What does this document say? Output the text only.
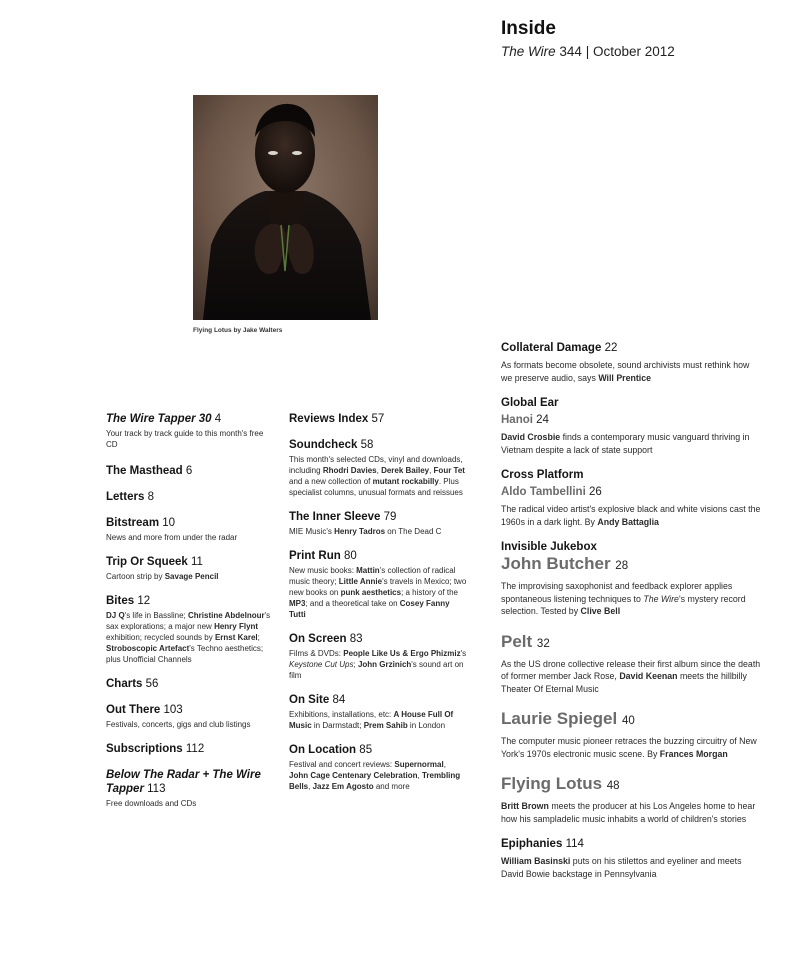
Inside
The Wire 344 | October 2012
Flying Lotus by Jake Walters
The Wire Tapper 30 4
Your track by track guide to this month's free CD
The Masthead 6
Letters 8
Bitstream 10
News and more from under the radar
Trip Or Squeek 11
Cartoon strip by Savage Pencil
Bites 12
DJ Q's life in Bassline; Christine Abdelnour's sax explorations; a major new Henry Flynt exhibition; recycled sounds by Ernst Karel; Stroboscopic Artefact's Techno aesthetics; plus Unofficial Channels
Charts 56
Out There 103
Festivals, concerts, gigs and club listings
Subscriptions 112
Below The Radar + The Wire Tapper 113
Free downloads and CDs
Reviews Index 57
Soundcheck 58
This month's selected CDs, vinyl and downloads, including Rhodri Davies, Derek Bailey, Four Tet and a new collection of mutant rockabilly. Plus specialist columns, unusual formats and reissues
The Inner Sleeve 79
MIE Music's Henry Tadros on The Dead C
Print Run 80
New music books: Mattin's collection of radical music theory; Little Annie's travels in Mexico; two new books on punk aesthetics; a history of the MP3; and a theoretical take on Cosey Fanny Tutti
On Screen 83
Films & DVDs: People Like Us & Ergo Phizmiz's Keystone Cut Ups; John Grzinich's sound art on film
On Site 84
Exhibitions, installations, etc: A House Full Of Music in Darmstadt; Prem Sahib in London
On Location 85
Festival and concert reviews: Supernormal, John Cage Centenary Celebration, Trembling Bells, Jazz Em Agosto and more
Collateral Damage 22
As formats become obsolete, sound archivists must rethink how we preserve audio, says Will Prentice
Global Ear
Hanoi 24
David Crosbie finds a contemporary music vanguard thriving in Vietnam despite a lack of state support
Cross Platform
Aldo Tambellini 26
The radical video artist's explosive black and white visions cast the 1960s in a dark light. By Andy Battaglia
Invisible Jukebox
John Butcher 28
The improvising saxophonist and feedback explorer applies spontaneous listening techniques to The Wire's mystery record selection. Tested by Clive Bell
Pelt 32
As the US drone collective release their first album since the death of former member Jack Rose, David Keenan meets the hillbilly Theater Of Eternal Music
Laurie Spiegel 40
The computer music pioneer retraces the buzzing circuitry of New York's 1970s electronic music scene. By Frances Morgan
Flying Lotus 48
Britt Brown meets the producer at his Los Angeles home to hear how his sampladelic music inhabits a world of children's stories
Epiphanies 114
William Basinski puts on his stilettos and eyeliner and meets David Bowie backstage in Pennsylvania
